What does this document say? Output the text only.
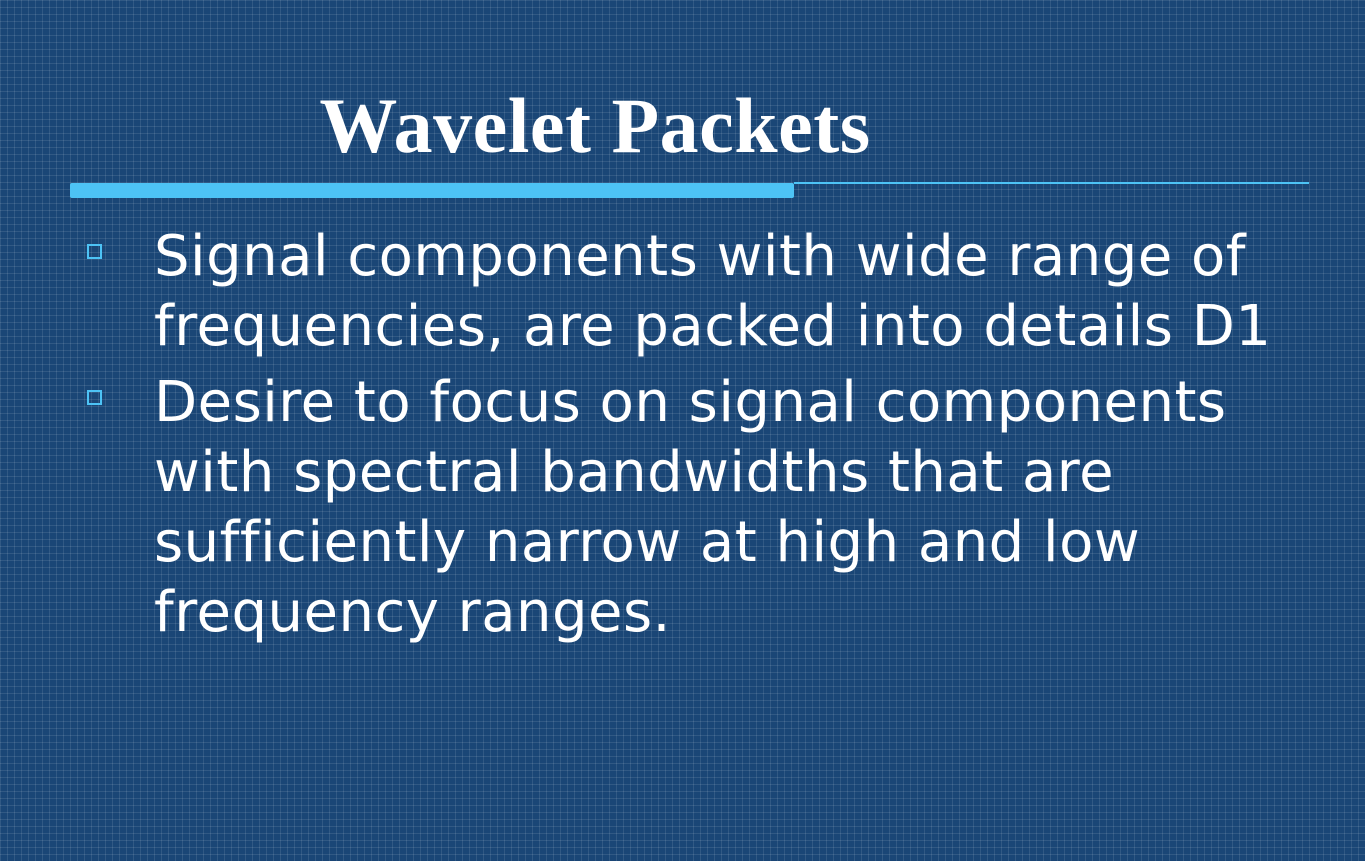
Wavelet Packets
Signal components with wide range of frequencies, are packed into details D1
Desire to focus on signal components with spectral bandwidths that are sufficiently narrow at high and low frequency ranges.
